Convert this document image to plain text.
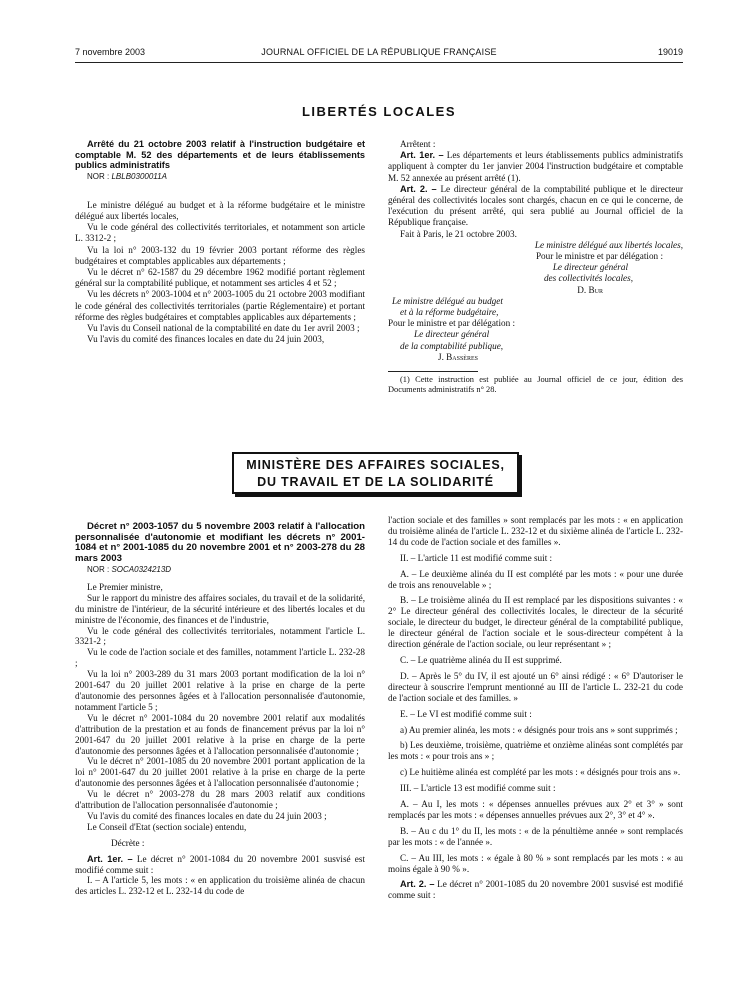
7 novembre 2003	JOURNAL OFFICIEL DE LA RÉPUBLIQUE FRANÇAISE	19019
LIBERTÉS LOCALES

Arrêté du 21 octobre 2003 relatif à l'instruction budgétaire et comptable M. 52 des départements et de leurs établissements publics administratifs

NOR : LBLB0300011A

Le ministre délégué au budget et à la réforme budgétaire et le ministre délégué aux libertés locales,

Vu le code général des collectivités territoriales, et notamment son article L. 3312-2 ;

Vu la loi n° 2003-132 du 19 février 2003 portant réforme des règles budgétaires et comptables applicables aux départements ;

Vu le décret n° 62-1587 du 29 décembre 1962 modifié portant règlement général sur la comptabilité publique, et notamment ses articles 4 et 52 ;

Vu les décrets n° 2003-1004 et n° 2003-1005 du 21 octobre 2003 modifiant le code général des collectivités territoriales (partie Réglementaire) et portant réforme des règles budgétaires et comptables applicables aux départements ;

Vu l'avis du Conseil national de la comptabilité en date du 1er avril 2003 ;

Vu l'avis du comité des finances locales en date du 24 juin 2003,

Arrêtent :

Art. 1er. – Les départements et leurs établissements publics administratifs appliquent à compter du 1er janvier 2004 l'instruction budgétaire et comptable M. 52 annexée au présent arrêté (1).

Art. 2. – Le directeur général de la comptabilité publique et le directeur général des collectivités locales sont chargés, chacun en ce qui le concerne, de l'exécution du présent arrêté, qui sera publié au Journal officiel de la République française.

Fait à Paris, le 21 octobre 2003.

Le ministre délégué aux libertés locales,

Pour le ministre et par délégation :

Le directeur général

des collectivités locales,

D. Bur

Le ministre délégué au budget

et à la réforme budgétaire,

Pour le ministre et par délégation :

Le directeur général

de la comptabilité publique,

J. Bassères

(1) Cette instruction est publiée au Journal officiel de ce jour, édition des Documents administratifs n° 28.

MINISTÈRE DES AFFAIRES SOCIALES,
DU TRAVAIL ET DE LA SOLIDARITÉ

Décret n° 2003-1057 du 5 novembre 2003 relatif à l'allocation personnalisée d'autonomie et modifiant les décrets n° 2001-1084 et n° 2001-1085 du 20 novembre 2001 et n° 2003-278 du 28 mars 2003

NOR : SOCA0324213D

Le Premier ministre,

Sur le rapport du ministre des affaires sociales, du travail et de la solidarité, du ministre de l'intérieur, de la sécurité intérieure et des libertés locales et du ministre de l'économie, des finances et de l'industrie,

Vu le code général des collectivités territoriales, notamment l'article L. 3321-2 ;

Vu le code de l'action sociale et des familles, notamment l'article L. 232-28 ;

Vu la loi n° 2003-289 du 31 mars 2003 portant modification de la loi n° 2001-647 du 20 juillet 2001 relative à la prise en charge de la perte d'autonomie des personnes âgées et à l'allocation personnalisée d'autonomie, notamment l'article 5 ;

Vu le décret n° 2001-1084 du 20 novembre 2001 relatif aux modalités d'attribution de la prestation et au fonds de financement prévus par la loi n° 2001-647 du 20 juillet 2001 relative à la prise en charge de la perte d'autonomie des personnes âgées et à l'allocation personnalisée d'autonomie ;

Vu le décret n° 2001-1085 du 20 novembre 2001 portant application de la loi n° 2001-647 du 20 juillet 2001 relative à la prise en charge de la perte d'autonomie des personnes âgées et à l'allocation personnalisée d'autonomie ;

Vu le décret n° 2003-278 du 28 mars 2003 relatif aux conditions d'attribution de l'allocation personnalisée d'autonomie ;

Vu l'avis du comité des finances locales en date du 24 juin 2003 ;

Le Conseil d'Etat (section sociale) entendu,

Décrète :

Art. 1er. – Le décret n° 2001-1084 du 20 novembre 2001 susvisé est modifié comme suit :

I. – A l'article 5, les mots : « en application du troisième alinéa de chacun des articles L. 232-12 et L. 232-14 du code de

l'action sociale et des familles » sont remplacés par les mots : « en application du troisième alinéa de l'article L. 232-12 et du sixième alinéa de l'article L. 232-14 du code de l'action sociale et des familles ».

II. – L'article 11 est modifié comme suit :

A. – Le deuxième alinéa du II est complété par les mots : « pour une durée de trois ans renouvelable » ;

B. – Le troisième alinéa du II est remplacé par les dispositions suivantes : « 2° Le directeur général des collectivités locales, le directeur de la sécurité sociale, le directeur du budget, le directeur général de la comptabilité publique, le directeur général de l'action sociale et le sous-directeur compétent à la direction générale de l'action sociale, ou leur représentant » ;

C. – Le quatrième alinéa du II est supprimé.

D. – Après le 5° du IV, il est ajouté un 6° ainsi rédigé : « 6° D'autoriser le directeur à souscrire l'emprunt mentionné au III de l'article L. 232-21 du code de l'action sociale et des familles. »

E. – Le VI est modifié comme suit :

a) Au premier alinéa, les mots : « désignés pour trois ans » sont supprimés ;

b) Les deuxième, troisième, quatrième et onzième alinéas sont complétés par les mots : « pour trois ans » ;

c) Le huitième alinéa est complété par les mots : « désignés pour trois ans ».

III. – L'article 13 est modifié comme suit :

A. – Au I, les mots : « dépenses annuelles prévues aux 2° et 3° » sont remplacés par les mots : « dépenses annuelles prévues aux 2°, 3° et 4° ».

B. – Au c du 1° du II, les mots : « de la pénultième année » sont remplacés par les mots : « de l'année ».

C. – Au III, les mots : « égale à 80 % » sont remplacés par les mots : « au moins égale à 90 % ».

Art. 2. – Le décret n° 2001-1085 du 20 novembre 2001 susvisé est modifié comme suit :
